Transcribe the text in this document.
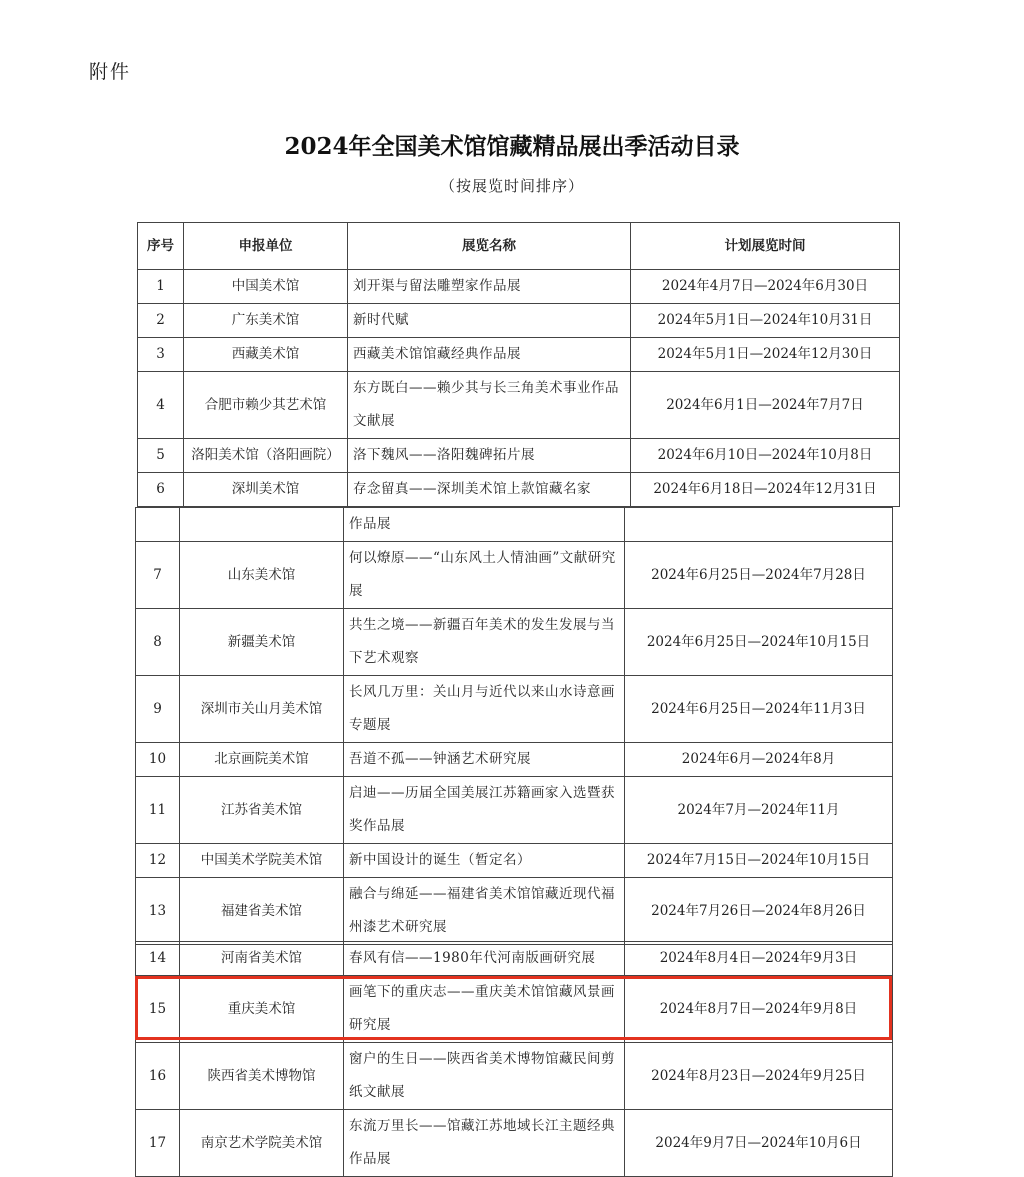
附件
2024年全国美术馆馆藏精品展出季活动目录
（按展览时间排序）
序号	申报单位	展览名称	计划展览时间
1	中国美术馆	刘开渠与留法雕塑家作品展	2024年4月7日—2024年6月30日
2	广东美术馆	新时代赋	2024年5月1日—2024年10月31日
3	西藏美术馆	西藏美术馆馆藏经典作品展	2024年5月1日—2024年12月30日
4	合肥市赖少其艺术馆	东方既白——赖少其与长三角美术事业作品文献展	2024年6月1日—2024年7月7日
5	洛阳美术馆（洛阳画院）	洛下魏风——洛阳魏碑拓片展	2024年6月10日—2024年10月8日
6	深圳美术馆	存念留真——深圳美术馆上款馆藏名家	2024年6月18日—2024年12月31日
		作品展	
7	山东美术馆	何以燎原——“山东风土人情油画”文献研究展	2024年6月25日—2024年7月28日
8	新疆美术馆	共生之境——新疆百年美术的发生发展与当下艺术观察	2024年6月25日—2024年10月15日
9	深圳市关山月美术馆	长风几万里：关山月与近代以来山水诗意画专题展	2024年6月25日—2024年11月3日
10	北京画院美术馆	吾道不孤——钟涵艺术研究展	2024年6月—2024年8月
11	江苏省美术馆	启迪——历届全国美展江苏籍画家入选暨获奖作品展	2024年7月—2024年11月
12	中国美术学院美术馆	新中国设计的诞生（暂定名）	2024年7月15日—2024年10月15日
13	福建省美术馆	融合与绵延——福建省美术馆馆藏近现代福州漆艺术研究展	2024年7月26日—2024年8月26日
14	河南省美术馆	春风有信——1980年代河南版画研究展	2024年8月4日—2024年9月3日
15	重庆美术馆	画笔下的重庆志——重庆美术馆馆藏风景画研究展	2024年8月7日—2024年9月8日
16	陕西省美术博物馆	窗户的生日——陕西省美术博物馆藏民间剪纸文献展	2024年8月23日—2024年9月25日
17	南京艺术学院美术馆	东流万里长——馆藏江苏地域长江主题经典作品展	2024年9月7日—2024年10月6日
